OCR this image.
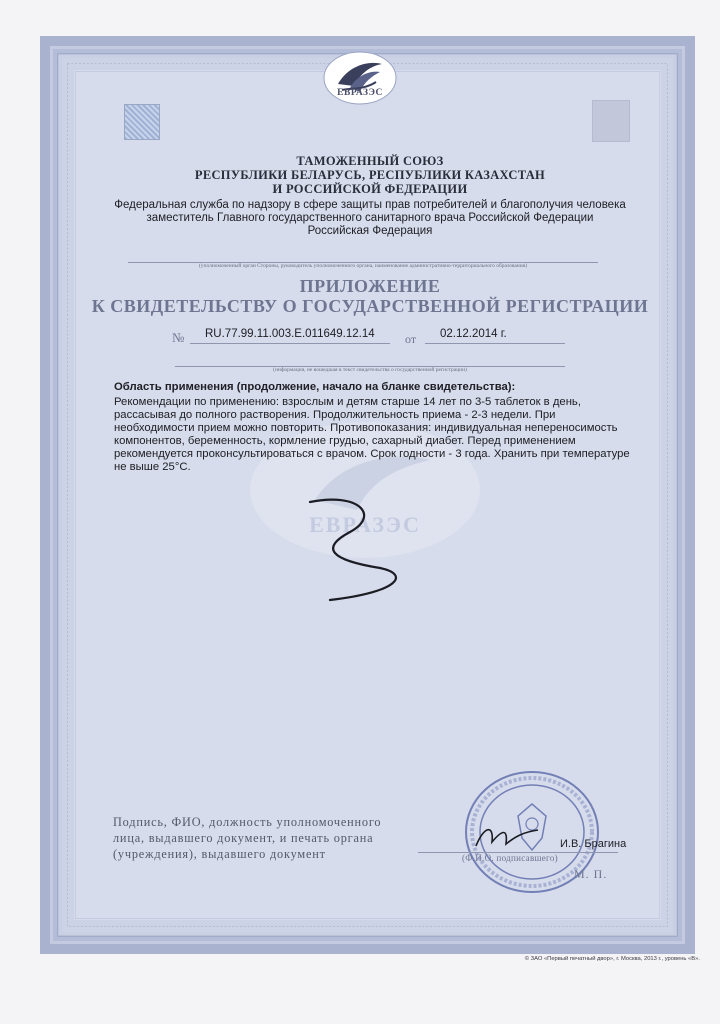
ЕВРАЗЭС
ТАМОЖЕННЫЙ СОЮЗ
РЕСПУБЛИКИ БЕЛАРУСЬ, РЕСПУБЛИКИ КАЗАХСТАН
И РОССИЙСКОЙ ФЕДЕРАЦИИ
Федеральная служба по надзору в сфере защиты прав потребителей и благополучия человека
заместитель Главного государственного санитарного врача Российской Федерации
Российская Федерация
(уполномоченный орган Стороны, руководитель уполномоченного органа, наименование административно-территориального образования)
ПРИЛОЖЕНИЕ
К СВИДЕТЕЛЬСТВУ О ГОСУДАРСТВЕННОЙ РЕГИСТРАЦИИ
№ RU.77.99.11.003.E.011649.12.14	от 02.12.2014 г.
(информация, не вошедшая в текст свидетельства о государственной регистрации)
ЕВРАЗЭС
Область применения (продолжение, начало на бланке свидетельства):
Рекомендации по применению: взрослым и детям старше 14 лет по 3-5 таблеток в день,
рассасывая до полного растворения. Продолжительность приема - 2-3 недели. При
необходимости прием можно повторить. Противопоказания: индивидуальная непереносимость
компонентов, беременность, кормление грудью, сахарный диабет. Перед применением
рекомендуется проконсультироваться с врачом. Срок годности - 3 года. Хранить при температуре
не выше 25°С.
Подпись, ФИО, должность уполномоченного
лица, выдавшего документ, и печать органа
(учреждения), выдавшего документ
И.В. Брагина
(Ф.И.О. подписавшего)
М. П.
© ЗАО «Первый печатный двор», г. Москва, 2013 г., уровень «В».
